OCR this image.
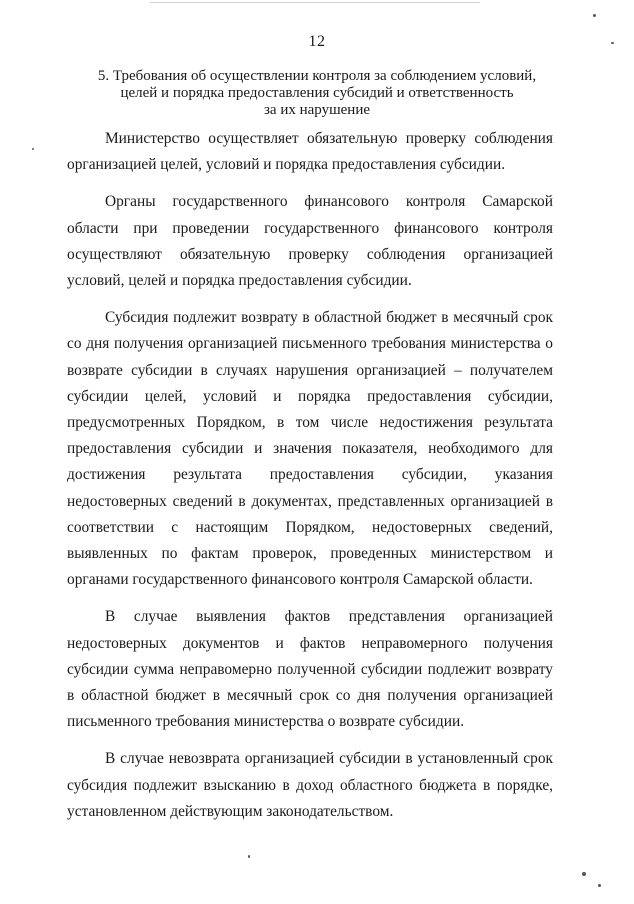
12
5. Требования об осуществлении контроля за соблюдением условий,
целей и порядка предоставления субсидий и ответственность
за их нарушение

Министерство осуществляет обязательную проверку соблюдения организацией целей, условий и порядка предоставления субсидии.

Органы государственного финансового контроля Самарской области при проведении государственного финансового контроля осуществляют обязательную проверку соблюдения организацией условий, целей и порядка предоставления субсидии.

Субсидия подлежит возврату в областной бюджет в месячный срок со дня получения организацией письменного требования министерства о возврате субсидии в случаях нарушения организацией – получателем субсидии целей, условий и порядка предоставления субсидии, предусмотренных Порядком, в том числе недостижения результата предоставления субсидии и значения показателя, необходимого для достижения результата предоставления субсидии, указания недостоверных сведений в документах, представленных организацией в соответствии с настоящим Порядком, недостоверных сведений, выявленных по фактам проверок, проведенных министерством и органами государственного финансового контроля Самарской области.

В случае выявления фактов представления организацией недостоверных документов и фактов неправомерного получения субсидии сумма неправомерно полученной субсидии подлежит возврату в областной бюджет в месячный срок со дня получения организацией письменного требования министерства о возврате субсидии.

В случае невозврата организацией субсидии в установленный срок субсидия подлежит взысканию в доход областного бюджета в порядке, установленном действующим законодательством.
